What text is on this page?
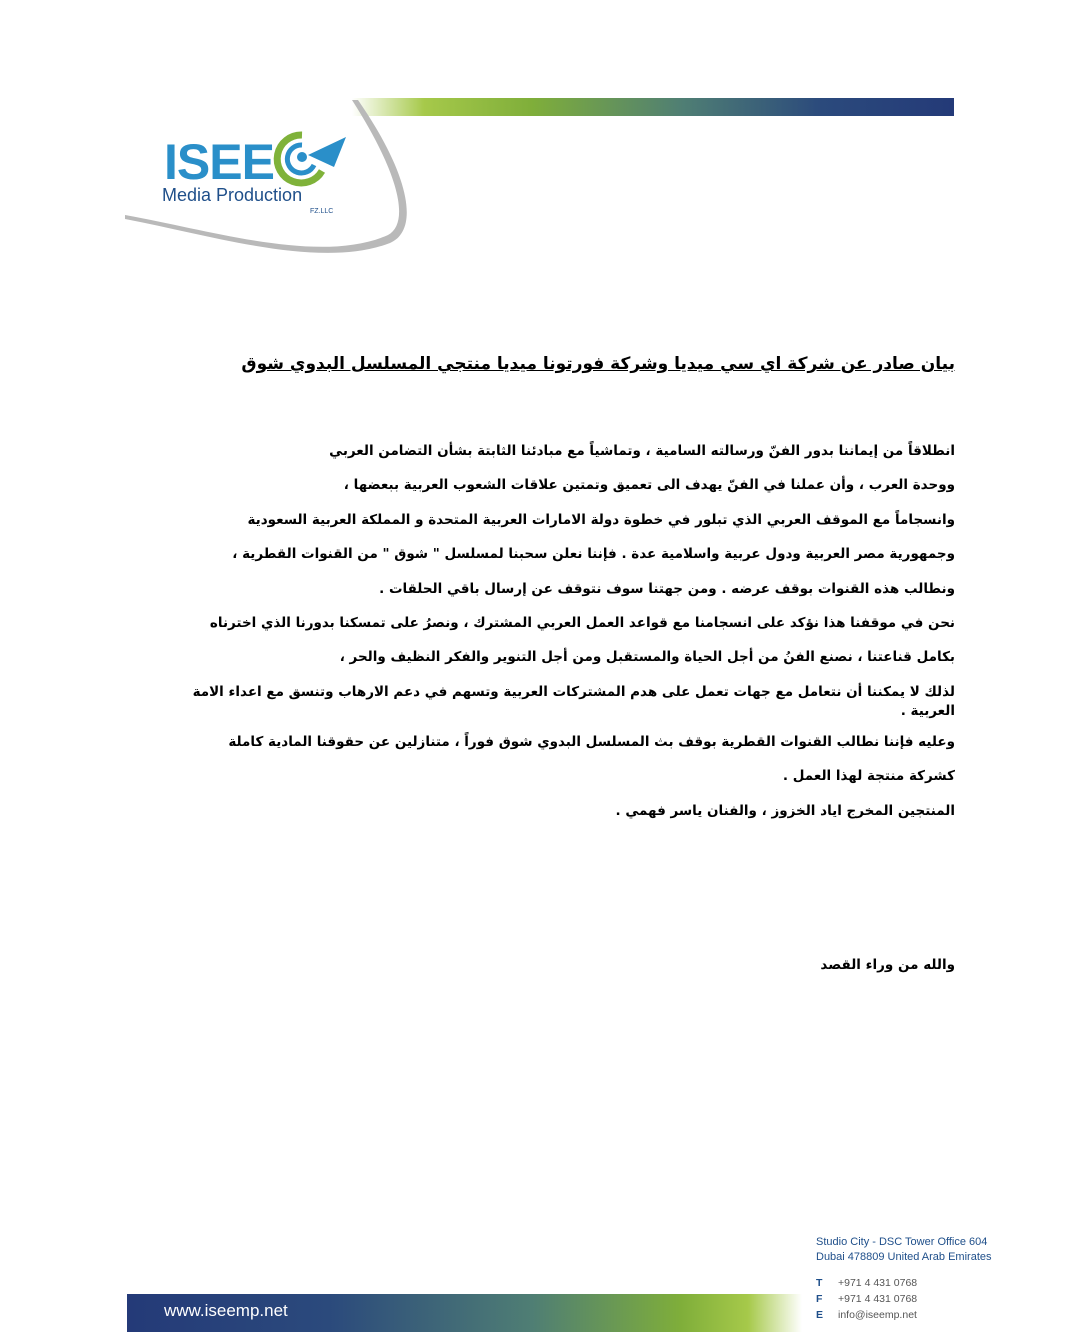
ISEE
Media Production
FZ.LLC
بيان صادر عن شركة اي سي ميديا وشركة فورتونا ميديا منتجي المسلسل البدوي شوق

انطلاقاً من إيماننا بدور الفنّ ورسالته السامية ، وتماشياً مع مبادئنا الثابتة بشأن التضامن العربي

ووحدة العرب ، وأن عملنا في الفنّ يهدف الى تعميق وتمتين علاقات الشعوب العربية ببعضها ،

وانسجاماً مع الموقف العربي الذي تبلور في خطوة دولة الامارات العربية المتحدة و المملكة العربية السعودية

وجمهورية مصر العربية ودول عربية واسلامية عدة . فإننا نعلن سحبنا لمسلسل " شوق " من القنوات القطرية ،

ونطالب هذه القنوات بوقف عرضه . ومن جهتنا سوف نتوقف عن إرسال باقي الحلقات .

نحن في موقفنا هذا نؤكد على انسجامنا مع قواعد العمل العربي المشترك ، ونصرُ على تمسكنا بدورنا الذي اخترناه

بكامل قناعتنا ، نصنع الفنُ من أجل الحياة والمستقبل ومن أجل التنوير والفكر النظيف والحر ،

لذلك لا يمكننا أن نتعامل مع جهات تعمل على هدم المشتركات العربية وتسهم في دعم الارهاب وتنسق مع اعداء الامة العربية .

وعليه فإننا نطالب القنوات القطرية بوقف بث المسلسل البدوي شوق فوراً ، متنازلين عن حقوقنا المادية كاملة

كشركة منتجة لهذا العمل .

المنتجين المخرج اياد الخزوز ، والفنان ياسر فهمي .

والله من وراء القصد
Studio City - DSC Tower Office 604
Dubai 478809 United Arab Emirates
T +971 4 431 0768
F +971 4 431 0768
E info@iseemp.net
www.iseemp.net
